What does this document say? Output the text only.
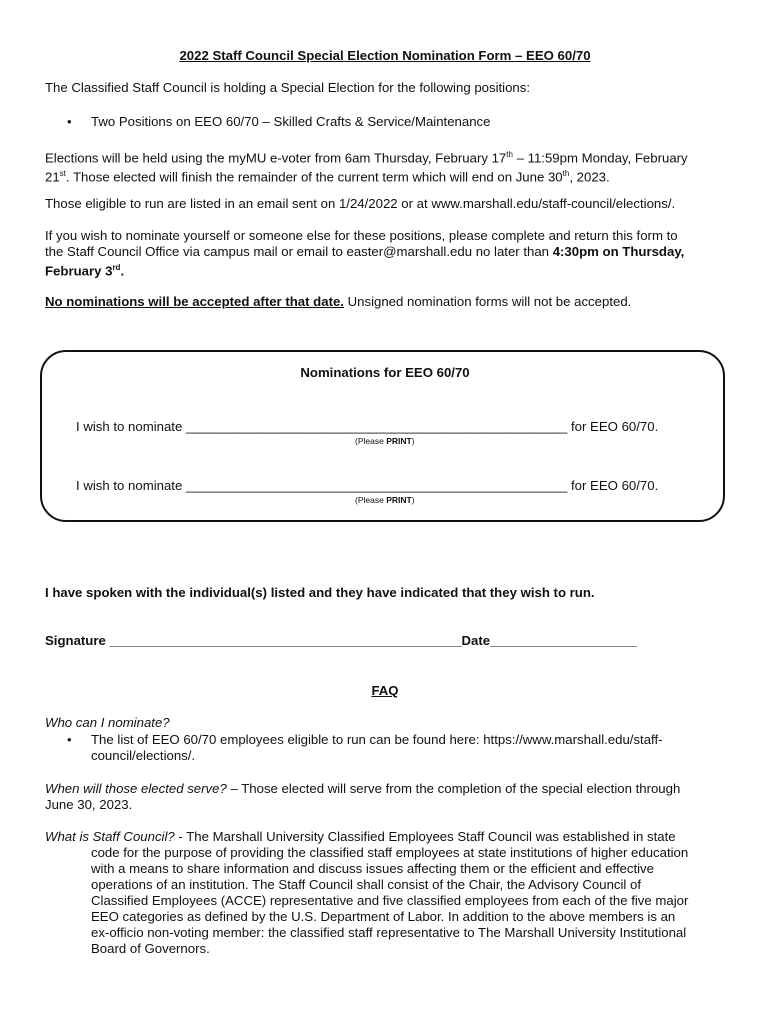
2022 Staff Council Special Election Nomination Form – EEO 60/70
The Classified Staff Council is holding a Special Election for the following positions:
• Two Positions on EEO 60/70 – Skilled Crafts & Service/Maintenance
Elections will be held using the myMU e-voter from 6am Thursday, February 17th – 11:59pm Monday, February
21st. Those elected will finish the remainder of the current term which will end on June 30th, 2023.
Those eligible to run are listed in an email sent on 1/24/2022 or at www.marshall.edu/staff-council/elections/.
If you wish to nominate yourself or someone else for these positions, please complete and return this form to
the Staff Council Office via campus mail or email to easter@marshall.edu no later than 4:30pm on Thursday,
February 3rd.
No nominations will be accepted after that date. Unsigned nomination forms will not be accepted.
Nominations for EEO 60/70
I wish to nominate ____________________________________________________ for EEO 60/70.
(Please PRINT)
I wish to nominate ____________________________________________________ for EEO 60/70.
(Please PRINT)
I have spoken with the individual(s) listed and they have indicated that they wish to run.
Signature ________________________________________________Date____________________
FAQ
Who can I nominate?
• The list of EEO 60/70 employees eligible to run can be found here: https://www.marshall.edu/staff-
council/elections/.
When will those elected serve? – Those elected will serve from the completion of the special election through
June 30, 2023.
What is Staff Council? - The Marshall University Classified Employees Staff Council was established in state
code for the purpose of providing the classified staff employees at state institutions of higher education
with a means to share information and discuss issues affecting them or the efficient and effective
operations of an institution. The Staff Council shall consist of the Chair, the Advisory Council of
Classified Employees (ACCE) representative and five classified employees from each of the five major
EEO categories as defined by the U.S. Department of Labor. In addition to the above members is an
ex-officio non-voting member: the classified staff representative to The Marshall University Institutional
Board of Governors.
